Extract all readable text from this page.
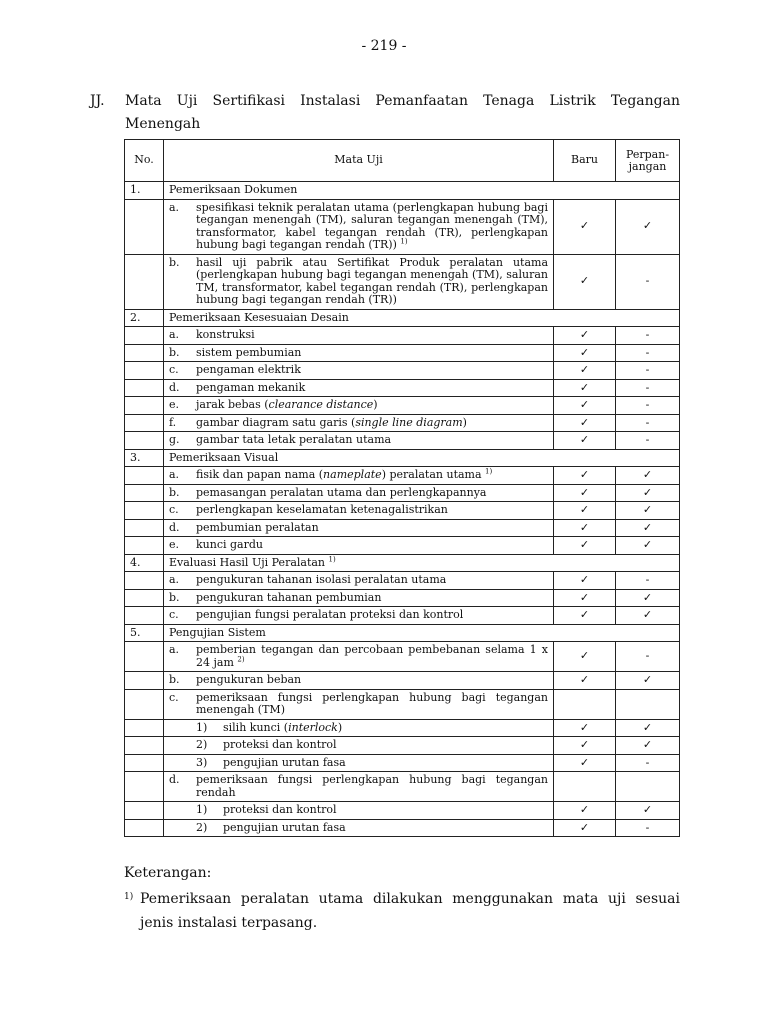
- 219 -
JJ.	Mata Uji Sertifikasi Instalasi Pemanfaatan Tenaga Listrik Tegangan Menengah
No.	Mata Uji	Baru	Perpan-jangan
1.	Pemeriksaan Dokumen		

	a. spesifikasi teknik peralatan utama (perlengkapan hubung bagi tegangan menengah (TM), saluran tegangan menengah (TM), transformator, kabel tegangan rendah (TR), perlengkapan hubung bagi tegangan rendah (TR)) $^{1)}$	✓	✓

	b. hasil uji pabrik atau Sertifikat Produk peralatan utama (perlengkapan hubung bagi tegangan menengah (TM), saluran TM, transformator, kabel tegangan rendah (TR), perlengkapan hubung bagi tegangan rendah (TR))	✓	-
2.	Pemeriksaan Kesesuaian Desain		

	a. konstruksi	✓	-

	b. sistem pembumian	✓	-

	c. pengaman elektrik	✓	-

	d. pengaman mekanik	✓	-

	e. jarak bebas (clearance distance)	✓	-

	f. gambar diagram satu garis (single line diagram)	✓	-

	g. gambar tata letak peralatan utama	✓	-
3.	Pemeriksaan Visual		

	a. fisik dan papan nama (nameplate) peralatan utama $^{1)}$	✓	✓

	b. pemasangan peralatan utama dan perlengkapannya	✓	✓

	c. perlengkapan keselamatan ketenagalistrikan	✓	✓

	d. pembumian peralatan	✓	✓

	e. kunci gardu	✓	✓
4.	Evaluasi Hasil Uji Peralatan $^{1)}$

	a. pengukuran tahanan isolasi peralatan utama	✓	-

	b. pengukuran tahanan pembumian	✓	✓

	c. pengujian fungsi peralatan proteksi dan kontrol	✓	✓
5.	Pengujian Sistem		

	a. pemberian tegangan dan percobaan pembebanan selama 1 x 24 jam $^{2)}$	✓	-

	b. pengukuran beban	✓	✓

	c. pemeriksaan fungsi perlengkapan hubung bagi tegangan menengah (TM)		

	1) silih kunci (interlock)	✓	✓

	2) proteksi dan kontrol	✓	✓

	3) pengujian urutan fasa	✓	-

	d. pemeriksaan fungsi perlengkapan hubung bagi tegangan rendah		

	1) proteksi dan kontrol	✓	✓

	2) pengujian urutan fasa	✓	-
Keterangan:
1) Pemeriksaan peralatan utama dilakukan menggunakan mata uji sesuai jenis instalasi terpasang.
